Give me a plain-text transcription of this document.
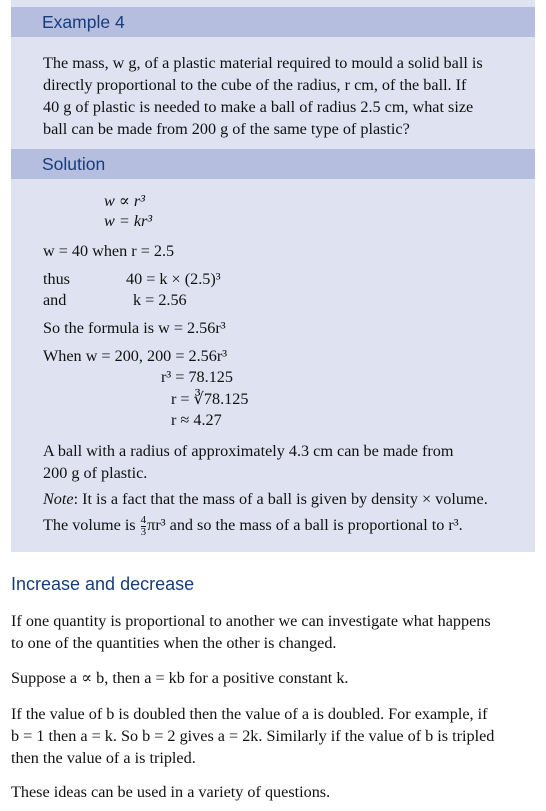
Example 4
The mass, w g, of a plastic material required to mould a solid ball is
directly proportional to the cube of the radius, r cm, of the ball. If
40 g of plastic is needed to make a ball of radius 2.5 cm, what size
ball can be made from 200 g of the same type of plastic?
Solution
w ∝ r³
w = kr³
w = 40 when r = 2.5
thus	40 = k × (2.5)³
and	k = 2.56
So the formula is w = 2.56r³
When w = 200, 200 = 2.56r³
r³ = 78.125
r = ∛78.125
r ≈ 4.27
A ball with a radius of approximately 4.3 cm can be made from
200 g of plastic.
Note: It is a fact that the mass of a ball is given by density × volume.
The volume is $\frac{4}{3} \pi r^3$ and so the mass of a ball is proportional to r³.
Increase and decrease
If one quantity is proportional to another we can investigate what happens
to one of the quantities when the other is changed.
Suppose a ∝ b, then a = kb for a positive constant k.
If the value of b is doubled then the value of a is doubled. For example, if
b = 1 then a = k. So b = 2 gives a = 2k. Similarly if the value of b is tripled
then the value of a is tripled.
These ideas can be used in a variety of questions.
